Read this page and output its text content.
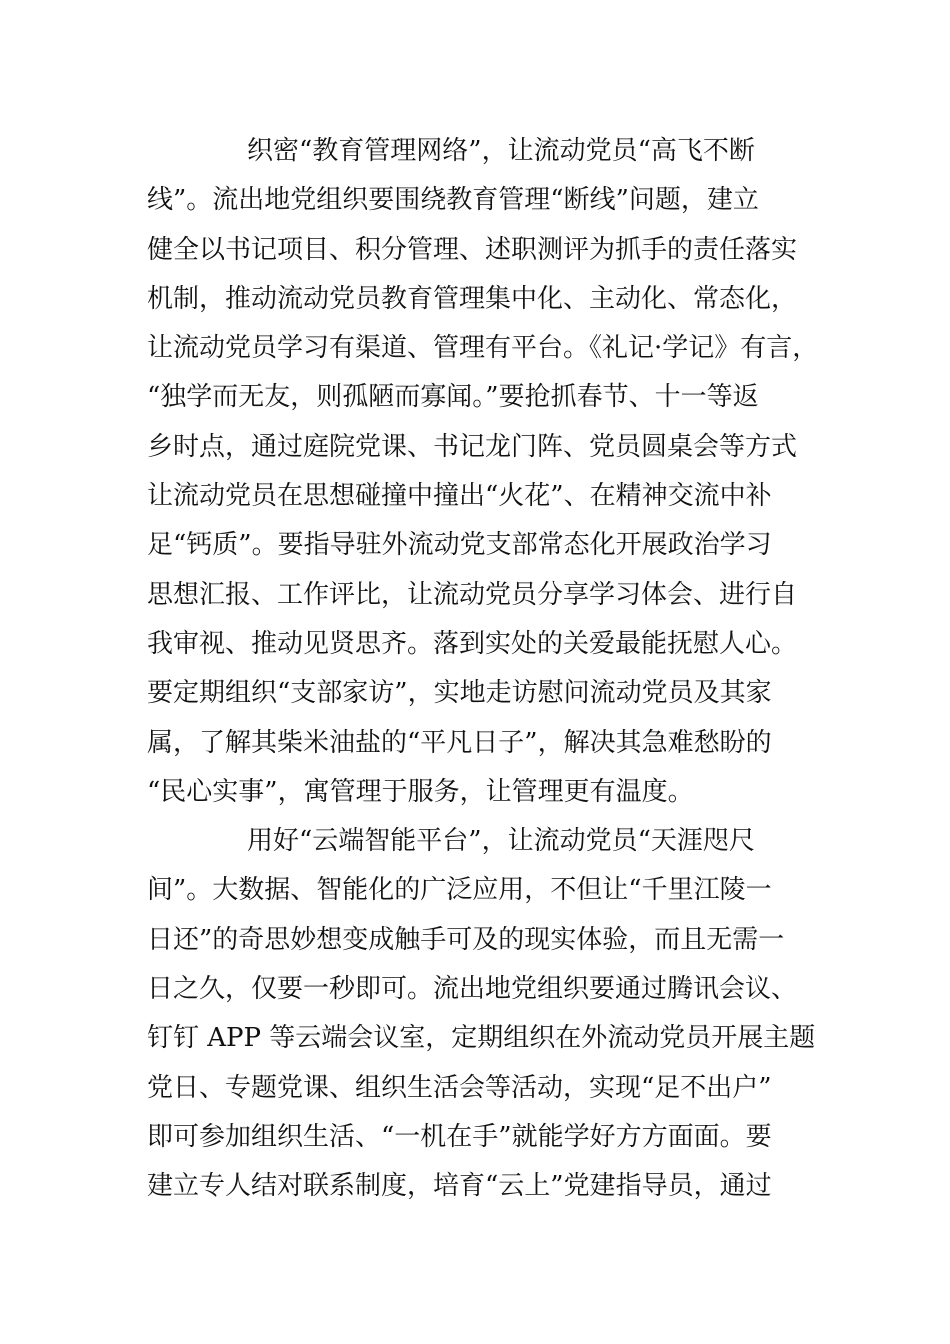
织密“教育管理网络”，让流动党员“高飞不断
线”。流出地党组织要围绕教育管理“断线”问题，建立
健全以书记项目、积分管理、述职测评为抓手的责任落实
机制，推动流动党员教育管理集中化、主动化、常态化，
让流动党员学习有渠道、管理有平台。《礼记·学记》有言，
“独学而无友，则孤陋而寡闻。”要抢抓春节、十一等返
乡时点，通过庭院党课、书记龙门阵、党员圆桌会等方式
让流动党员在思想碰撞中撞出“火花”、在精神交流中补
足“钙质”。要指导驻外流动党支部常态化开展政治学习
思想汇报、工作评比，让流动党员分享学习体会、进行自
我审视、推动见贤思齐。落到实处的关爱最能抚慰人心。
要定期组织“支部家访”，实地走访慰问流动党员及其家
属，了解其柴米油盐的“平凡日子”，解决其急难愁盼的
“民心实事”，寓管理于服务，让管理更有温度。
用好“云端智能平台”，让流动党员“天涯咫尺
间”。大数据、智能化的广泛应用，不但让“千里江陵一
日还”的奇思妙想变成触手可及的现实体验，而且无需一
日之久，仅要一秒即可。流出地党组织要通过腾讯会议、
钉钉 APP 等云端会议室，定期组织在外流动党员开展主题
党日、专题党课、组织生活会等活动，实现“足不出户”
即可参加组织生活、“一机在手”就能学好方方面面。要
建立专人结对联系制度，培育“云上”党建指导员，通过
